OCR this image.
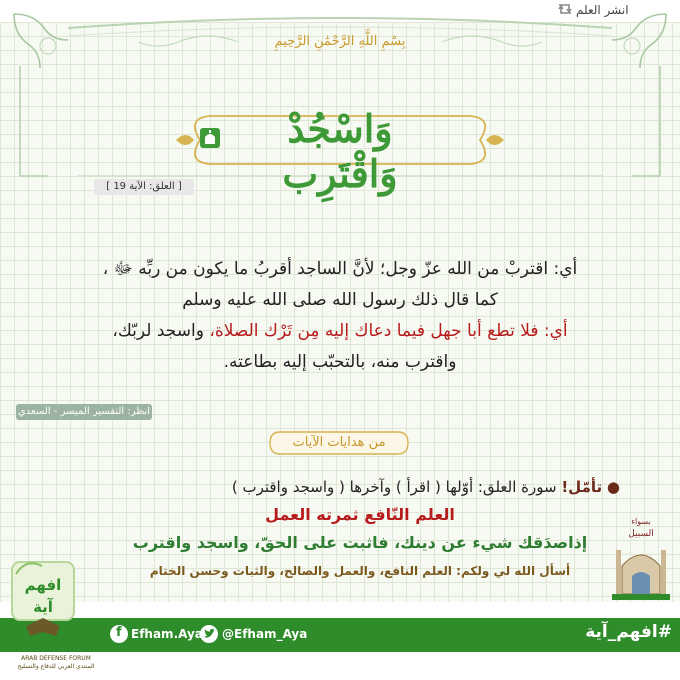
انشر العلم
بِسْمِ اللَّهِ الرَّحْمَٰنِ الرَّحِيمِ
وَاسْجُدْ وَاقْتَرِب
[ العلق: الآية 19 ]
أي: اقتربْ من الله عزّ وجل؛ لأنَّ الساجد أقربُ ما يكون من ربِّه ﷻ ،
كما قال ذلك رسول الله صلى الله عليه وسلم
أي: فلا تطع أبا جهل فيما دعاك إليه مِن تَرْك الصلاة، واسجد لربّك،
واقترب منه، بالتحبّب إليه بطاعته.
انظر: التفسير الميسر - السعدي
من هدايات الآيات
● تأمّل! سورة العلق: أوّلها ( اقرأ ) وآخرها ( واسجد واقترب )
العلم النّافع ثمرته العمل
إذاصدَقك شيء عن دينك، فاثبت على الحقّ، واسجد واقترب
أسأل الله لي ولكم: العلم النافع، والعمل والصالح، والثبات وحسن الختام
بسواء
السبيل
f Efham.Aya @Efham_Aya	#افهم_آية
افهم
آية
ARAB DEFENSE FORUM
المنتدى العربي للدفاع والتسليح
